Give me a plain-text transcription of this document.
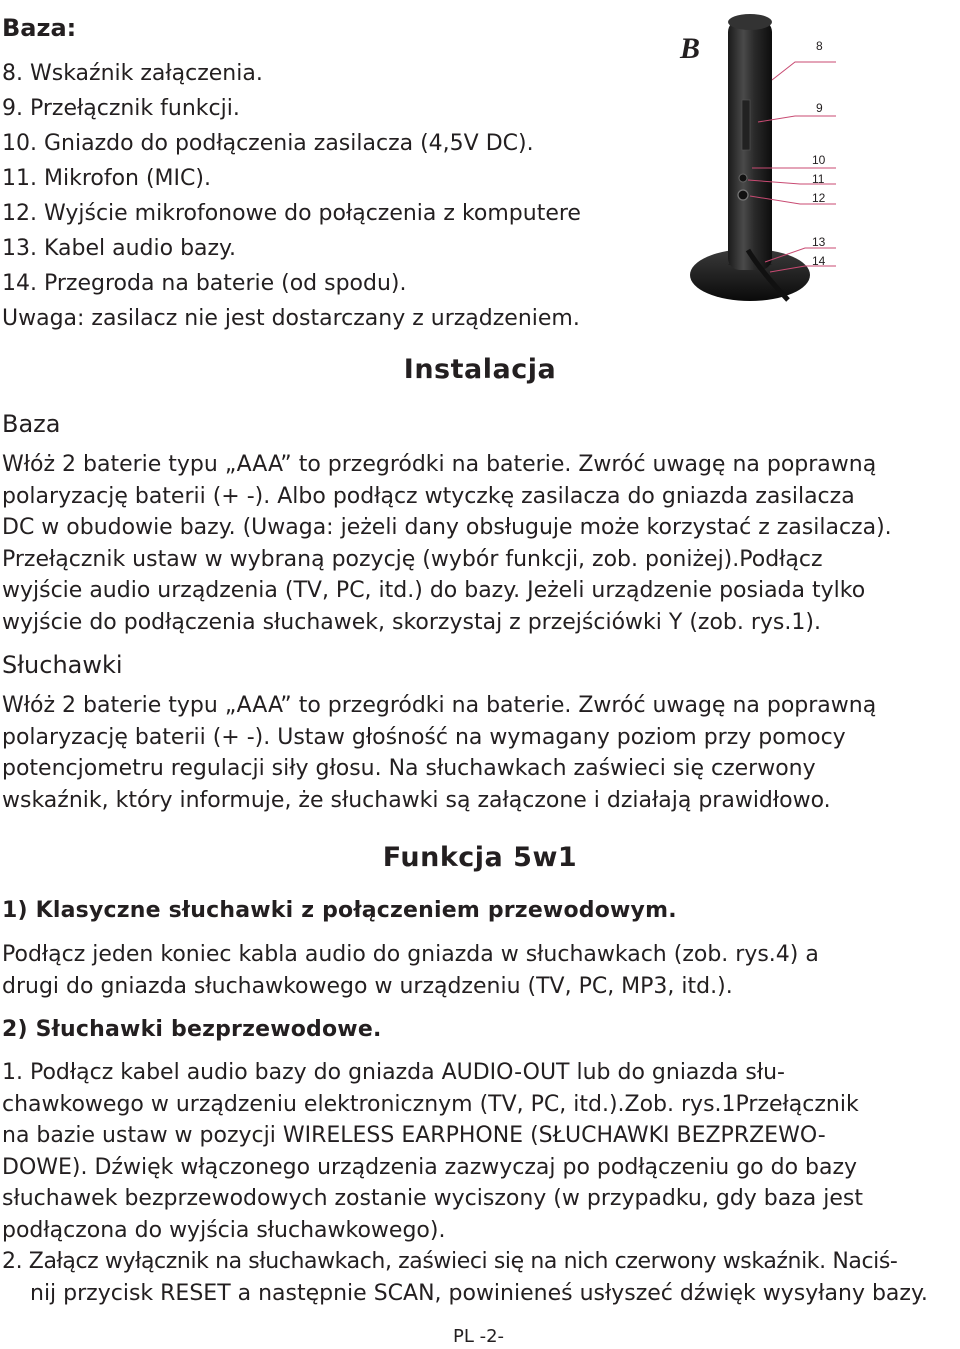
Baza:
8. Wskaźnik załączenia.
9. Przełącznik funkcji.
10. Gniazdo do podłączenia zasilacza (4,5V DC).
11. Mikrofon (MIC).
12. Wyjście mikrofonowe do połączenia z komputere
13. Kabel audio bazy.
14. Przegroda na baterie (od spodu).
Uwaga: zasilacz nie jest dostarczany z urządzeniem.
B	8
9
10
11
12
13
14
Instalacja
Baza
Włóż 2 baterie typu „AAA” to przegródki na baterie. Zwróć uwagę na poprawną
polaryzację baterii (+ -). Albo podłącz wtyczkę zasilacza do gniazda zasilacza
DC w obudowie bazy. (Uwaga: jeżeli dany obsługuje może korzystać z zasilacza).
Przełącznik ustaw w wybraną pozycję (wybór funkcji, zob. poniżej).Podłącz
wyjście audio urządzenia (TV, PC, itd.) do bazy. Jeżeli urządzenie posiada tylko
wyjście do podłączenia słuchawek, skorzystaj z przejściówki Y (zob. rys.1).
Słuchawki
Włóż 2 baterie typu „AAA” to przegródki na baterie. Zwróć uwagę na poprawną
polaryzację baterii (+ -). Ustaw głośność na wymagany poziom przy pomocy
potencjometru regulacji siły głosu. Na słuchawkach zaświeci się czerwony
wskaźnik, który informuje, że słuchawki są załączone i działają prawidłowo.
Funkcja 5w1
1) Klasyczne słuchawki z połączeniem przewodowym.
Podłącz jeden koniec kabla audio do gniazda w słuchawkach (zob. rys.4) a
drugi do gniazda słuchawkowego w urządzeniu (TV, PC, MP3, itd.).
2) Słuchawki bezprzewodowe.
1. Podłącz kabel audio bazy do gniazda AUDIO-OUT lub do gniazda słu-
chawkowego w urządzeniu elektronicznym (TV, PC, itd.).Zob. rys.1Przełącznik
na bazie ustaw w pozycji WIRELESS EARPHONE (SŁUCHAWKI BEZPRZEWO-
DOWE). Dźwięk włączonego urządzenia zazwyczaj po podłączeniu go do bazy
słuchawek bezprzewodowych zostanie wyciszony (w przypadku, gdy baza jest
podłączona do wyjścia słuchawkowego).
2. Załącz wyłącznik na słuchawkach, zaświeci się na nich czerwony wskaźnik. Naciś-
nij przycisk RESET a następnie SCAN, powinieneś usłyszeć dźwięk wysyłany bazy.
PL -2-
